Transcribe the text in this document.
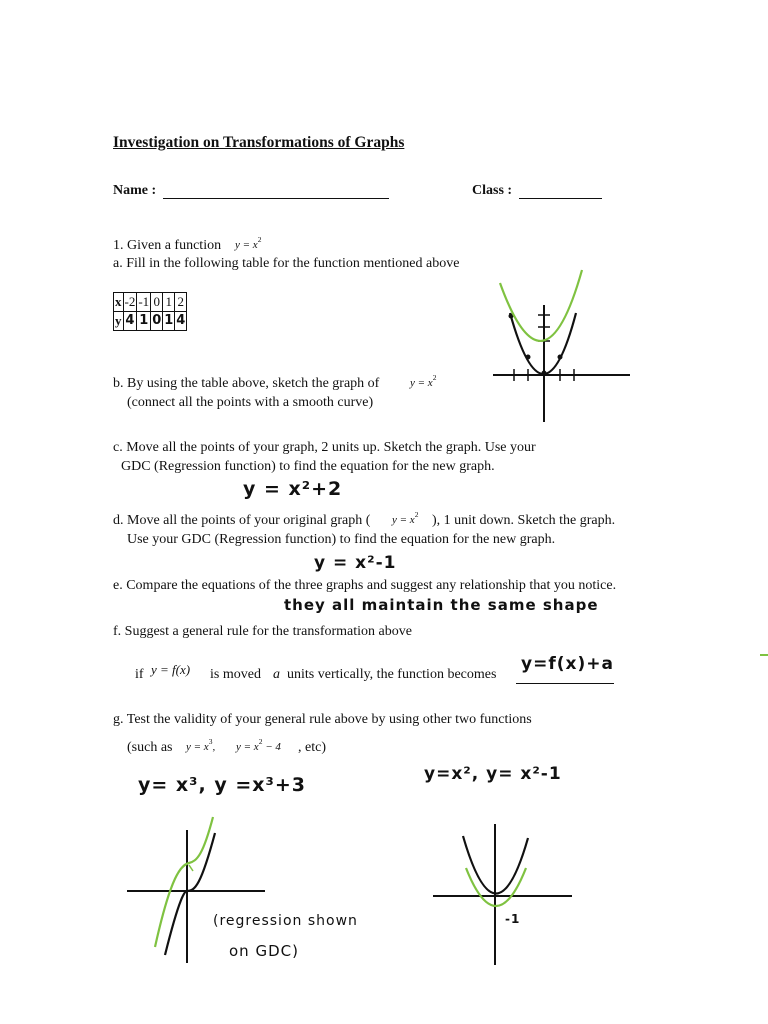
Investigation on Transformations of Graphs
Name :	Class :
1. Given a function $y = x^2$
a. Fill in the following table for the function mentioned above
x	-2	-1	0	1	2
y	4	1	0	1	4
b. By using the table above, sketch the graph of	$y = x^2$
(connect all the points with a smooth curve)
c. Move all the points of your graph, 2 units up. Sketch the graph. Use your
GDC (Regression function) to find the equation for the new graph.
y = x²+2
d. Move all the points of your original graph ( $y = x^2$ ), 1 unit down. Sketch the graph.
Use your GDC (Regression function) to find the equation for the new graph.
y = x²-1
e. Compare the equations of the three graphs and suggest any relationship that you notice.
they all maintain the same shape
f. Suggest a general rule for the transformation above
if y = f(x) is moved a units vertically, the function becomes
y=f(x)+a
g. Test the validity of your general rule above by using other two functions
(such as $y = x^3$, $y = x^2 - 4$ , etc)
y= x³, y =x³+3	y=x², y= x²-1
(regression shown
on GDC)
-1
